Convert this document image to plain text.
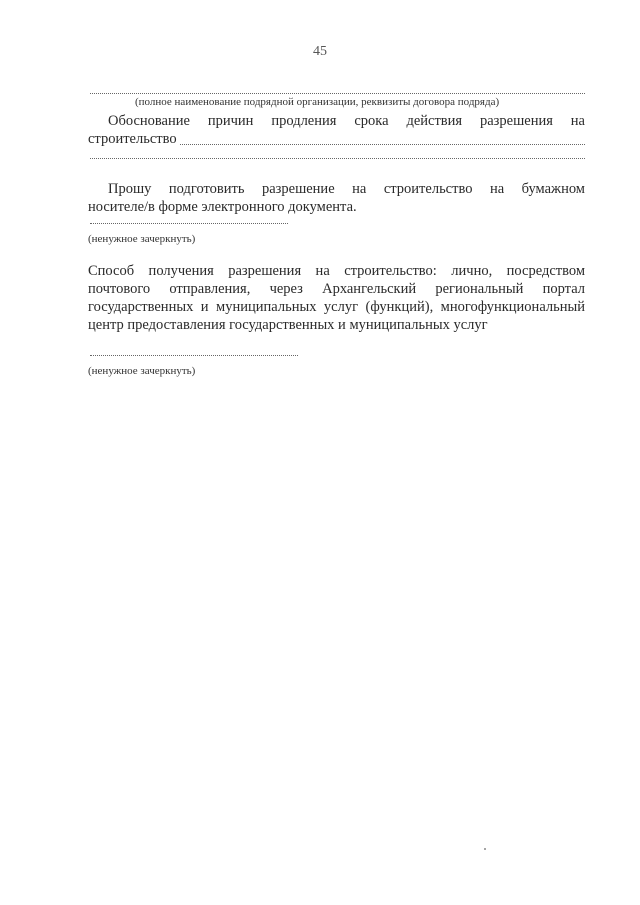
45
(полное наименование подрядной организации, реквизиты договора подряда)
Обоснование причин продления срока действия разрешения на
строительство
Прошу подготовить разрешение на строительство на бумажном
носителе/в форме электронного документа.
(ненужное зачеркнуть)
Способ получения разрешения на строительство: лично, посредством
почтового отправления, через Архангельский региональный портал
государственных и муниципальных услуг (функций), многофункциональный
центр предоставления государственных и муниципальных услуг
(ненужное зачеркнуть)
